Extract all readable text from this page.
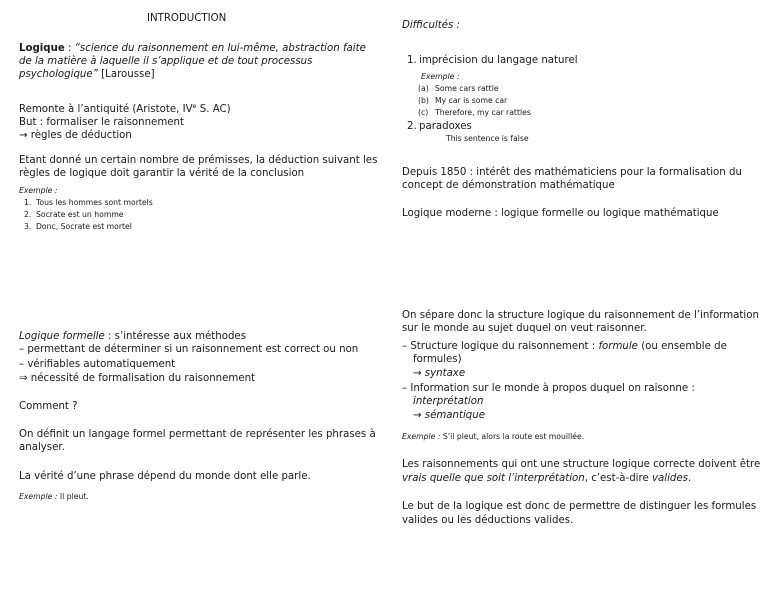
INTRODUCTION
Logique : “science du raisonnement en lui-même, abstraction faite
de la matière à laquelle il s’applique et de tout processus
psychologique” [Larousse]
Remonte à l’antiquité (Aristote, IVe S. AC)
But : formaliser le raisonnement
→ règles de déduction
Etant donné un certain nombre de prémisses, la déduction suivant les
règles de logique doit garantir la vérité de la conclusion
Exemple :
1. Tous les hommes sont mortels
2. Socrate est un homme
3. Donc, Socrate est mortel
Difficultés :
1. imprécision du langage naturel
Exemple :
(a) Some cars rattle
(b) My car is some car
(c) Therefore, my car rattles
2. paradoxes
This sentence is false
Depuis 1850 : intérêt des mathématiciens pour la formalisation du
concept de démonstration mathématique
Logique moderne : logique formelle ou logique mathématique
Logique formelle : s’intéresse aux méthodes
– permettant de déterminer si un raisonnement est correct ou non
– vérifiables automatiquement
⇒ nécessité de formalisation du raisonnement
Comment ?
On définit un langage formel permettant de représenter les phrases à
analyser.
La vérité d’une phrase dépend du monde dont elle parle.
Exemple : Il pleut.
On sépare donc la structure logique du raisonnement de l’information
sur le monde au sujet duquel on veut raisonner.
– Structure logique du raisonnement : formule (ou ensemble de
formules)
→ syntaxe
– Information sur le monde à propos duquel on raisonne :
interprétation
→ sémantique
Exemple : S’il pleut, alors la route est mouillée.
Les raisonnements qui ont une structure logique correcte doivent être
vrais quelle que soit l’interprétation, c’est-à-dire valides.
Le but de la logique est donc de permettre de distinguer les formules
valides ou les déductions valides.
